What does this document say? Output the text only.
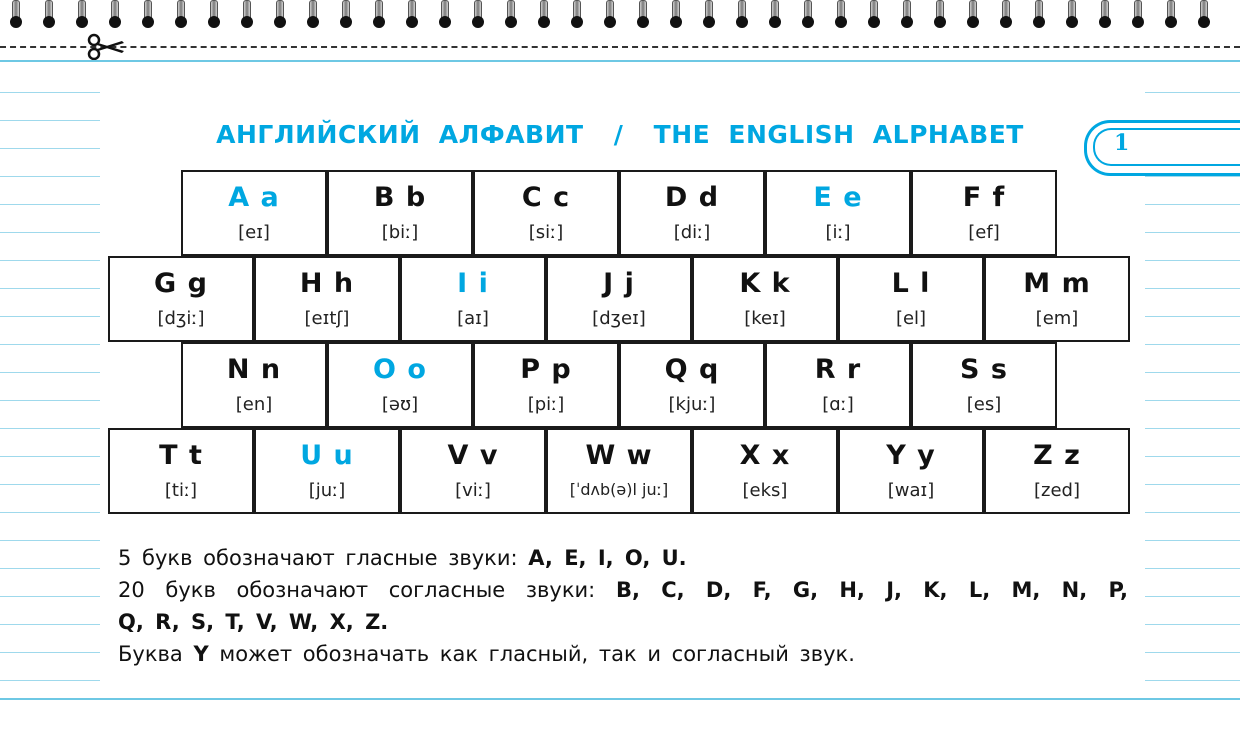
АНГЛИЙСКИЙ АЛФАВИТ / THE ENGLISH ALPHABET	1
A a
[eɪ]
B b
[biː]
C c
[siː]
D d
[diː]
E e
[iː]
F f
[ef]
G g
[dʒiː]
H h
[eɪtʃ]
I i
[aɪ]
J j
[dʒeɪ]
K k
[keɪ]
L l
[el]
M m
[em]
N n
[en]
O o
[əʊ]
P p
[piː]
Q q
[kjuː]
R r
[ɑː]
S s
[es]
T t
[tiː]
U u
[juː]
V v
[viː]
W w
[ˈdʌb(ə)l juː]
X x
[eks]
Y y
[waɪ]
Z z
[zed]

5 букв обозначают гласные звуки: A, E, I, O, U.

20 букв обозначают согласные звуки: B, C, D, F, G, H, J, K, L, M, N, P,

Q, R, S, T, V, W, X, Z.

Буква Y может обозначать как гласный, так и согласный звук.
